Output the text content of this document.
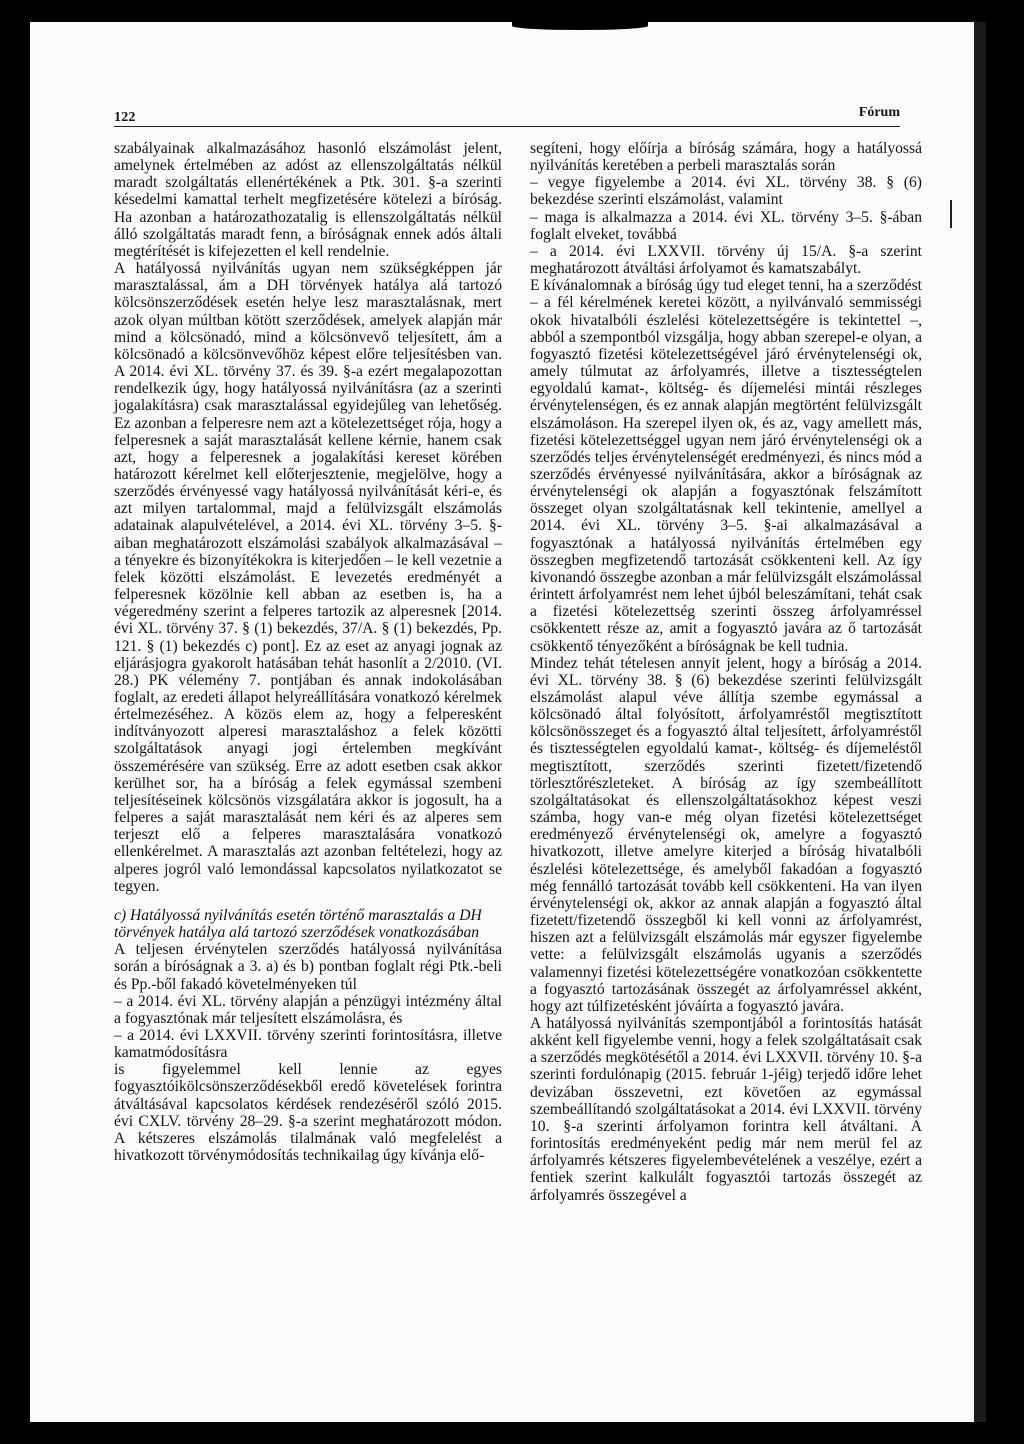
122	Fórum

szabályainak alkalmazásához hasonló elszámolást jelent, amelynek értelmében az adóst az ellenszolgáltatás nélkül maradt szolgáltatás ellenértékének a Ptk. 301. §-a szerinti késedelmi kamattal terhelt megfizetésére kötelezi a bíróság. Ha azonban a határozathozatalig is ellenszolgáltatás nélkül álló szolgáltatás maradt fenn, a bíróságnak ennek adós általi megtérítését is kifejezetten el kell rendelnie.

A hatályossá nyilvánítás ugyan nem szükségképpen jár marasztalással, ám a DH törvények hatálya alá tartozó kölcsönszerződések esetén helye lesz marasztalásnak, mert azok olyan múltban kötött szerződések, amelyek alapján már mind a kölcsönadó, mind a kölcsönvevő teljesített, ám a kölcsönadó a kölcsönvevőhöz képest előre teljesítésben van. A 2014. évi XL. törvény 37. és 39. §-a ezért megalapozottan rendelkezik úgy, hogy hatályossá nyilvánításra (az a szerinti jogalakításra) csak marasztalással egyidejűleg van lehetőség. Ez azonban a felperesre nem azt a kötelezettséget rója, hogy a felperesnek a saját marasztalását kellene kérnie, hanem csak azt, hogy a felperesnek a jogalakítási kereset körében határozott kérelmet kell előterjesztenie, megjelölve, hogy a szerződés érvényessé vagy hatályossá nyilvánítását kéri-e, és azt milyen tartalommal, majd a felülvizsgált elszámolás adatainak alapulvételével, a 2014. évi XL. törvény 3–5. §-aiban meghatározott elszámolási szabályok alkalmazásával – a tényekre és bizonyítékokra is kiterjedően – le kell vezetnie a felek közötti elszámolást. E levezetés eredményét a felperesnek közölnie kell abban az esetben is, ha a végeredmény szerint a felperes tartozik az alperesnek [2014. évi XL. törvény 37. § (1) bekezdés, 37/A. § (1) bekezdés, Pp. 121. § (1) bekezdés c) pont]. Ez az eset az anyagi jognak az eljárásjogra gyakorolt hatásában tehát hasonlít a 2/2010. (VI. 28.) PK vélemény 7. pontjában és annak indokolásában foglalt, az eredeti állapot helyreállítására vonatkozó kérelmek értelmezéséhez. A közös elem az, hogy a felperesként indítványozott alperesi marasztaláshoz a felek közötti szolgáltatások anyagi jogi értelemben megkívánt összemérésére van szükség. Erre az adott esetben csak akkor kerülhet sor, ha a bíróság a felek egymással szembeni teljesítéseinek kölcsönös vizsgálatára akkor is jogosult, ha a felperes a saját marasztalását nem kéri és az alperes sem terjeszt elő a felperes marasztalására vonatkozó ellenkérelmet. A marasztalás azt azonban feltételezi, hogy az alperes jogról való lemondással kapcsolatos nyilatkozatot se tegyen.

c) Hatályossá nyilvánítás esetén történő marasztalás a DH törvények hatálya alá tartozó szerződések vonatkozásában

A teljesen érvénytelen szerződés hatályossá nyilvánítása során a bíróságnak a 3. a) és b) pontban foglalt régi Ptk.-beli és Pp.-ből fakadó követelményeken túl

– a 2014. évi XL. törvény alapján a pénzügyi intézmény által a fogyasztónak már teljesített elszámolásra, és

– a 2014. évi LXXVII. törvény szerinti forintosításra, illetve kamatmódosításra

is figyelemmel kell lennie az egyes fogyasztóikölcsönszerződésekből eredő követelések forintra átváltásával kapcsolatos kérdések rendezéséről szóló 2015. évi CXLV. törvény 28–29. §-a szerint meghatározott módon. A kétszeres elszámolás tilalmának való megfelelést a hivatkozott törvénymódosítás technikailag úgy kívánja elő-

segíteni, hogy előírja a bíróság számára, hogy a hatályossá nyilvánítás keretében a perbeli marasztalás során

– vegye figyelembe a 2014. évi XL. törvény 38. § (6) bekezdése szerinti elszámolást, valamint

– maga is alkalmazza a 2014. évi XL. törvény 3–5. §-ában foglalt elveket, továbbá

– a 2014. évi LXXVII. törvény új 15/A. §-a szerint meghatározott átváltási árfolyamot és kamatszabályt.

E kívánalomnak a bíróság úgy tud eleget tenni, ha a szerződést – a fél kérelmének keretei között, a nyilvánvaló semmisségi okok hivatalbóli észlelési kötelezettségére is tekintettel –, abból a szempontból vizsgálja, hogy abban szerepel-e olyan, a fogyasztó fizetési kötelezettségével járó érvénytelenségi ok, amely túlmutat az árfolyamrés, illetve a tisztességtelen egyoldalú kamat-, költség- és díjemelési mintái részleges érvénytelenségen, és ez annak alapján megtörtént felülvizsgált elszámoláson. Ha szerepel ilyen ok, és az, vagy amellett más, fizetési kötelezettséggel ugyan nem járó érvénytelenségi ok a szerződés teljes érvénytelenségét eredményezi, és nincs mód a szerződés érvényessé nyilvánítására, akkor a bíróságnak az érvénytelenségi ok alapján a fogyasztónak felszámított összeget olyan szolgáltatásnak kell tekintenie, amellyel a 2014. évi XL. törvény 3–5. §-ai alkalmazásával a fogyasztónak a hatályossá nyilvánítás értelmében egy összegben megfizetendő tartozását csökkenteni kell. Az így kivonandó összegbe azonban a már felülvizsgált elszámolással érintett árfolyamrést nem lehet újból beleszámítani, tehát csak a fizetési kötelezettség szerinti összeg árfolyamréssel csökkentett része az, amit a fogyasztó javára az ő tartozását csökkentő tényezőként a bíróságnak be kell tudnia.

Mindez tehát tételesen annyit jelent, hogy a bíróság a 2014. évi XL. törvény 38. § (6) bekezdése szerinti felülvizsgált elszámolást alapul véve állítja szembe egymással a kölcsönadó által folyósított, árfolyamréstől megtisztított kölcsönösszeget és a fogyasztó által teljesített, árfolyamréstől és tisztességtelen egyoldalú kamat-, költség- és díjemeléstől megtisztított, szerződés szerinti fizetett/fizetendő törlesztőrészleteket. A bíróság az így szembeállított szolgáltatásokat és ellenszolgáltatásokhoz képest veszi számba, hogy van-e még olyan fizetési kötelezettséget eredményező érvénytelenségi ok, amelyre a fogyasztó hivatkozott, illetve amelyre kiterjed a bíróság hivatalbóli észlelési kötelezettsége, és amelyből fakadóan a fogyasztó még fennálló tartozását tovább kell csökkenteni. Ha van ilyen érvénytelenségi ok, akkor az annak alapján a fogyasztó által fizetett/fizetendő összegből ki kell vonni az árfolyamrést, hiszen azt a felülvizsgált elszámolás már egyszer figyelembe vette: a felülvizsgált elszámolás ugyanis a szerződés valamennyi fizetési kötelezettségére vonatkozóan csökkentette a fogyasztó tartozásának összegét az árfolyamréssel akként, hogy azt túlfizetésként jóváírta a fogyasztó javára.

A hatályossá nyilvánítás szempontjából a forintosítás hatását akként kell figyelembe venni, hogy a felek szolgáltatásait csak a szerződés megkötésétől a 2014. évi LXXVII. törvény 10. §-a szerinti fordulónapig (2015. február 1-jéig) terjedő időre lehet devizában összevetni, ezt követően az egymással szembeállítandó szolgáltatásokat a 2014. évi LXXVII. törvény 10. §-a szerinti árfolyamon forintra kell átváltani. A forintosítás eredményeként pedig már nem merül fel az árfolyamrés kétszeres figyelembevételének a veszélye, ezért a fentiek szerint kalkulált fogyasztói tartozás összegét az árfolyamrés összegével a
